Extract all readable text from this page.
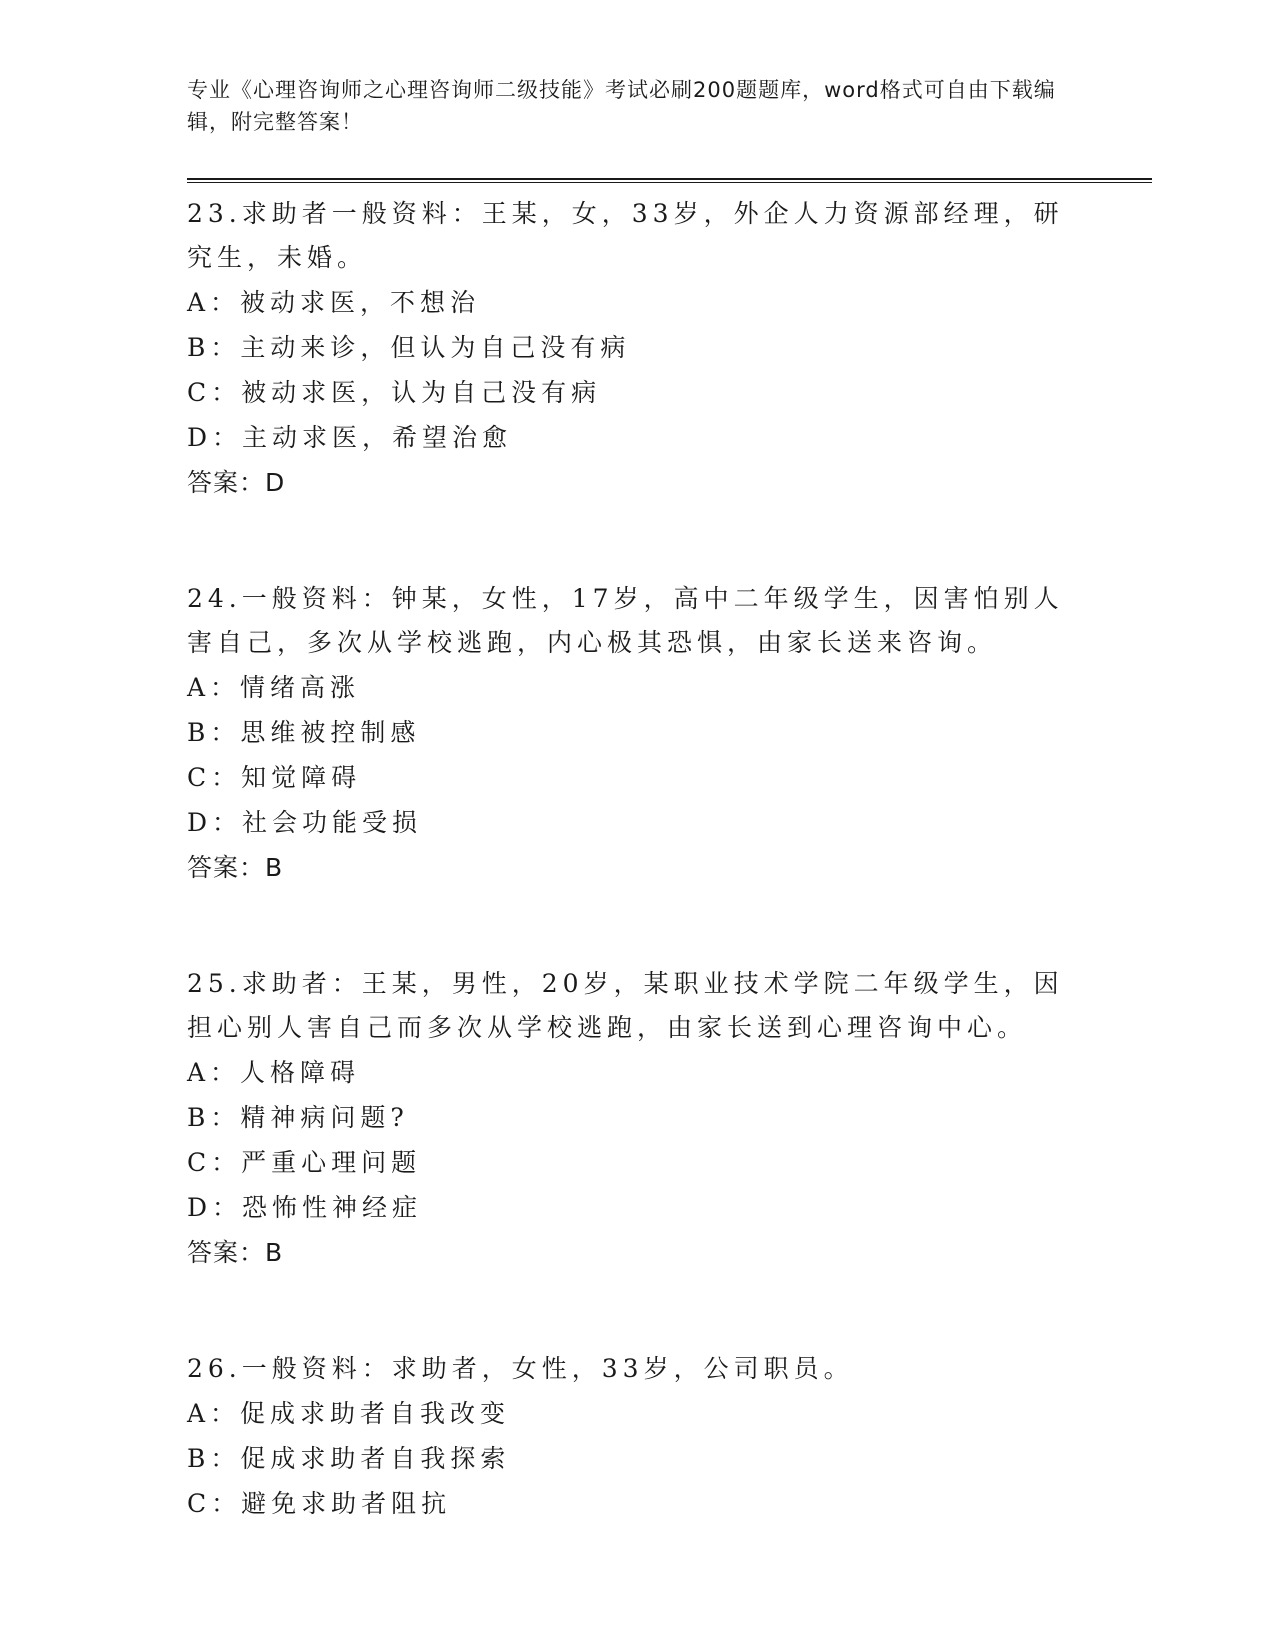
专业《心理咨询师之心理咨询师二级技能》考试必刷200题题库，word格式可自由下载编辑，附完整答案！

23.求助者一般资料：王某，女，33岁，外企人力资源部经理，研究生，未婚。

A：被动求医，不想治

B：主动来诊，但认为自己没有病

C：被动求医，认为自己没有病

D：主动求医，希望治愈

答案：D

24.一般资料：钟某，女性，17岁，高中二年级学生，因害怕别人害自己，多次从学校逃跑，内心极其恐惧，由家长送来咨询。

A：情绪高涨

B：思维被控制感

C：知觉障碍

D：社会功能受损

答案：B

25.求助者：王某，男性，20岁，某职业技术学院二年级学生，因担心别人害自己而多次从学校逃跑，由家长送到心理咨询中心。

A：人格障碍

B：精神病问题?

C：严重心理问题

D：恐怖性神经症

答案：B

26.一般资料：求助者，女性，33岁，公司职员。

A：促成求助者自我改变

B：促成求助者自我探索

C：避免求助者阻抗
